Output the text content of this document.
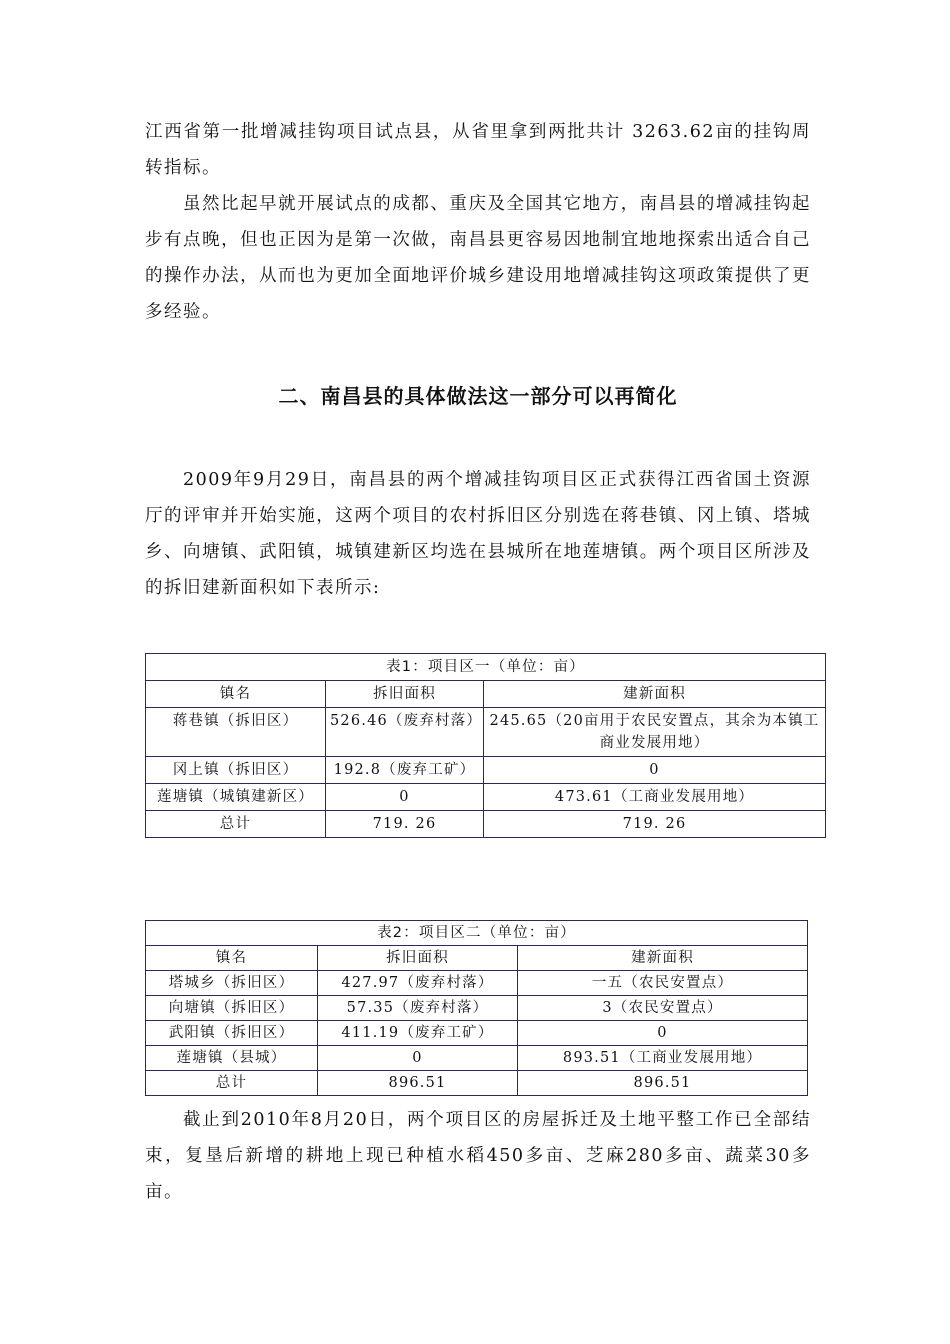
江西省第一批增减挂钩项目试点县，从省里拿到两批共计 3263.62亩的挂钩周转指标。

虽然比起早就开展试点的成都、重庆及全国其它地方，南昌县的增减挂钩起步有点晚，但也正因为是第一次做，南昌县更容易因地制宜地地探索出适合自己的操作办法，从而也为更加全面地评价城乡建设用地增减挂钩这项政策提供了更多经验。

二、南昌县的具体做法这一部分可以再简化

2009年9月29日，南昌县的两个增减挂钩项目区正式获得江西省国土资源厅的评审并开始实施，这两个项目的农村拆旧区分别选在蒋巷镇、冈上镇、塔城乡、向塘镇、武阳镇，城镇建新区均选在县城所在地莲塘镇。两个项目区所涉及的拆旧建新面积如下表所示:

表1：项目区一（单位：亩）		
镇名	拆旧面积	建新面积
蒋巷镇（拆旧区）	526.46（废弃村落）	245.65（20亩用于农民安置点，其余为本镇工商业发展用地）
冈上镇（拆旧区）	192.8（废弃工矿）	0
莲塘镇（城镇建新区）	0	473.61（工商业发展用地）
总计	719. 26	719. 26
表2：项目区二（单位：亩）		
镇名	拆旧面积	建新面积
塔城乡（拆旧区）	427.97（废弃村落）	一五（农民安置点）
向塘镇（拆旧区）	57.35（废弃村落）	3（农民安置点）
武阳镇（拆旧区）	411.19（废弃工矿）	0
莲塘镇（县城）	0	893.51（工商业发展用地）
总计	896.51	896.51

截止到2010年8月20日，两个项目区的房屋拆迁及土地平整工作已全部结束，复垦后新增的耕地上现已种植水稻450多亩、芝麻280多亩、蔬菜30多亩。
